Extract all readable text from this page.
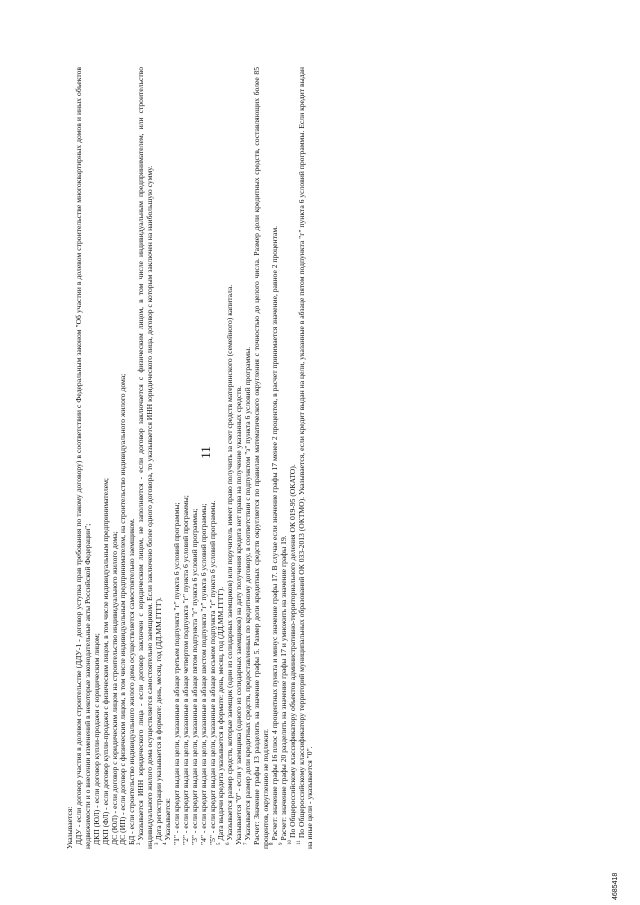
11

Указывается: ДДУ - если договор участия в долевом строительстве (ДДУ-1 - договор уступка прав требования по такому договору) в соответствии с Федеральным законом "Об участии в долевом строительстве многоквартирных домов и иных объектов недвижимости и о внесении изменений в некоторые законодательные акты Российской Федерации"; ДКП (ЮЛ) - если договор купли-продажи с юридическим лицом; ДКП (ФЛ) - если договор купли-продажи с физическим лицом, в том числе индивидуальным предпринимателем; ДС (ЮЛ) - если договор с юридическим лицом на строительство индивидуального жилого дома; ДС (ИП) - если договор с физическим лицом, в том числе индивидуальным предпринимателем, на строительство индивидуального жилого дома; БД - если строительство индивидуального жилого дома осуществляется самостоятельно заемщиком. $^2$Указывается ИНН юридического лица - если договор заключен с юридическим лицом, не заполняется - если договор заключается с физическим лицом, в том числе индивидуальным предпринимателем, или строительство индивидуального жилого дома осуществляется самостоятельно заемщиком. Если заключено более одного договора, то указывается ИНН юридического лица, договор с которым заключен на наибольшую сумму. $^3$Дата регистрации указывается в формате: день, месяц, год (ДД.ММ.ГГГГ).

$^4$Указывается: "1" - если кредит выдан на цели, указанные в абзаце третьем подпункта "г" пункта 6 условий программы; "2" - если кредит выдан на цели, указанные в абзаце четвертом подпункта "г" пункта 6 условий программы; "3" - если кредит выдан на цели, указанные в абзаце пятом подпункта "г" пункта 6 условий программы; "4" - если кредит выдан на цели, указанные в абзаце шестом подпункта "г" пункта 6 условий программы; "5" - если кредит выдан на цели, указанные в абзаце восьмом подпункта "г" пункта 6 условий программы. $^5$Дата выдачи кредита указывается в формате: день, месяц, год (ДД.ММ.ГГГГ).

$^6$Указывается размер средств, которые заемщик (один из солидарных заемщиков) или поручитель имеет право получить за счет средств материнского (семейного) капитала. Указывается "0" - если у заемщика (одного из солидарных заемщиков) на дату получения кредита нет права на получение указанных средств. $^7$Указывается размер доли кредитных средств, предоставленных по кредитному договору, в соответствии с подпунктом "з" пункта 6 условий программы. Расчет: Значение графы 13 разделить на значение графы 5. Размер доли кредитных средств округляется по правилам математического округления с точностью до целого числа. Размер доли кредитных средств, составляющих более 85 процентов, округлению не подлежит. $^8$Расчет: значение графы 16 плюс 4 процентных пункта и минус значение графы 17. В случае если значение графы 17 менее 2 процентов, в расчет принимается значение, равное 2 процентам.

$^9$Расчет: значение графы 20 разделить на значение графы 17 и умножить на значение графы 19.

$^{10}$По Общероссийскому классификатору объектов административно-территориального деления ОК 019-95 (ОКАТО).

$^{11}$По Общероссийскому классификатору территорий муниципальных образований ОК 033-2013 (ОКТМО). Указывается, если кредит выдан на цели, указанные в абзаце пятом подпункта "г" пункта 6 условий программы. Если кредит выдан на иные цели - указывается "0".

4685418
